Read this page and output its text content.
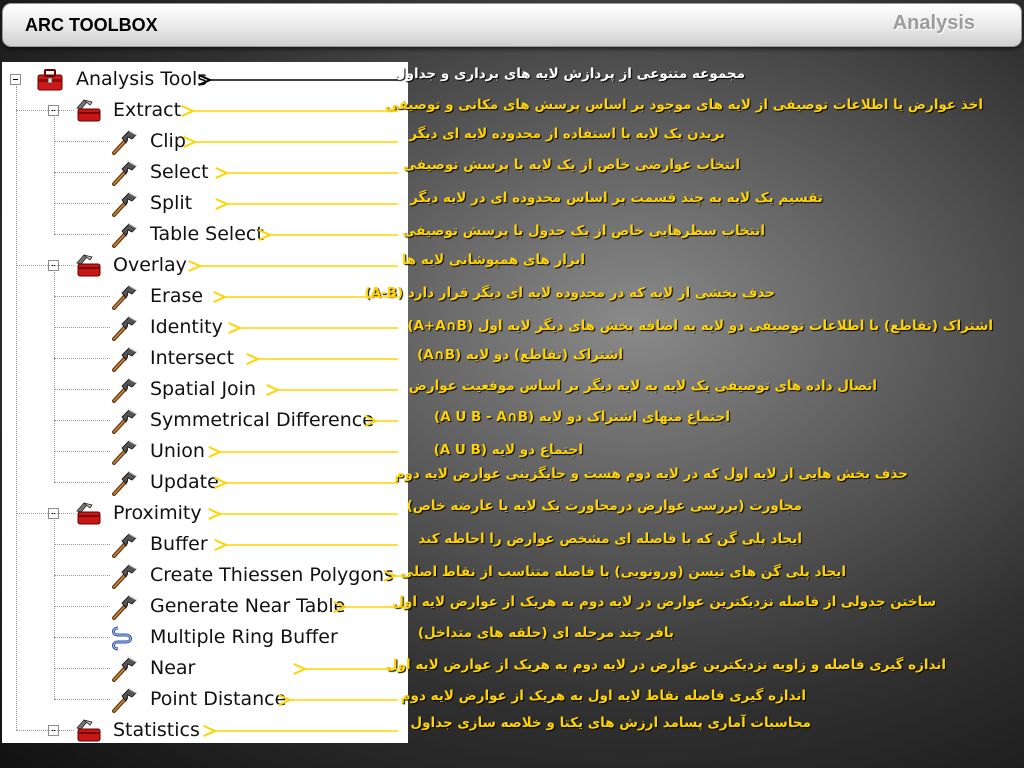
ARC TOOLBOX	Analysis
Analysis Tools
Extract
Clip
Select
Split
Table Select
Overlay
Erase
Identity
Intersect
Spatial Join
Symmetrical Difference
Union
Update
Proximity
Buffer
Create Thiessen Polygons
Generate Near Table
Multiple Ring Buffer
Near
Point Distance
Statistics
مجموعه متنوعی از پردازش لایه های برداری و جداول
اخذ عوارض یا اطلاعات توصیفی از لایه های موجود بر اساس پرسش های مکانی و توصیفی
بریدن یک لایه با استفاده از محدوده لایه ای دیگر
انتخاب عوارضی خاص از یک لایه با پرسش توصیفی
تقسیم یک لایه به چند قسمت بر اساس محدوده ای در لایه دیگر
انتخاب سطرهایی خاص از یک جدول با پرسش توصیفی
ابزار های همپوشانی لایه ها
حذف بخشی از لایه که در محدوده لایه ای دیگر قرار دارد (A-B)
اشتراک (تقاطع) با اطلاعات توصیفی دو لایه به اضافه بخش های دیگر لایه اول (A+A∩B)
اشتراک (تقاطع) دو لایه (A∩B)
اتصال داده های توصیفی یک لایه به لایه دیگر بر اساس موقعیت عوارض
اجتماع منهای اشتراک دو لایه (A U B - A∩B)
اجتماع دو لایه (A U B)
حذف بخش هایی از لایه اول که در لایه دوم هست و جایگزینی عوارض لایه دوم
مجاورت (بررسی عوارض درمجاورت یک لایه یا عارضه خاص)
ایجاد پلی گن که با فاصله ای مشخص عوارض را احاطه کند
ایجاد پلی گن های تیسن (ورونویی) با فاصله متناسب از نقاط اصلی
ساختن جدولی از فاصله نزدیکترین عوارض در لایه دوم به هریک از عوارض لایه اول
بافر چند مرحله ای (حلقه های متداخل)
اندازه گیری فاصله و زاویه نزدیکترین عوارض در لایه دوم به هریک از عوارض لایه اول
اندازه گیری فاصله نقاط لایه اول به هریک از عوارض لایه دوم
محاسبات آماری پسامد ارزش های یکتا و خلاصه سازی جداول
